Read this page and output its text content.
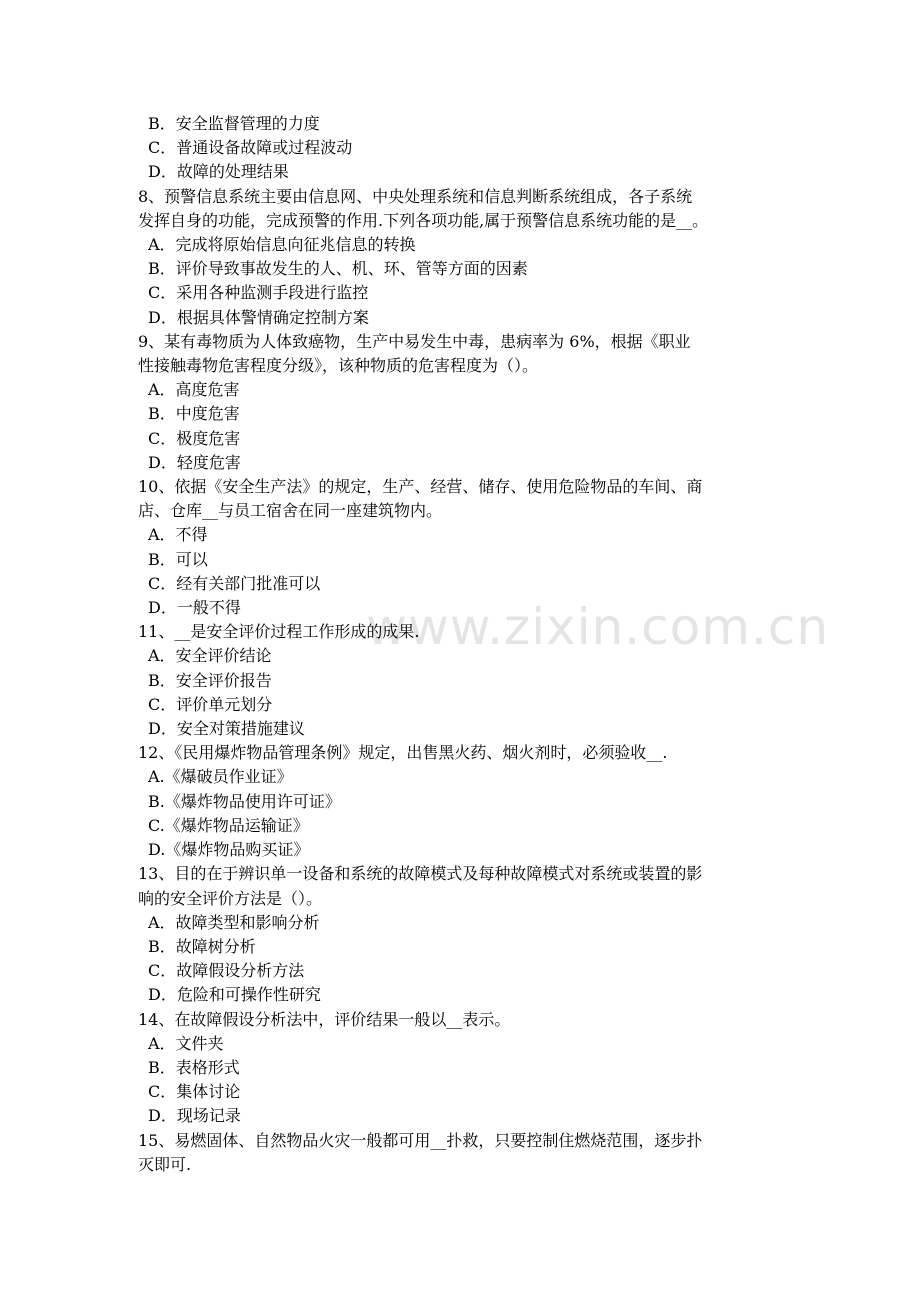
www.zixin.com.cn
B．安全监督管理的力度
C．普通设备故障或过程波动
D．故障的处理结果
8、预警信息系统主要由信息网、中央处理系统和信息判断系统组成，各子系统
发挥自身的功能，完成预警的作用.下列各项功能,属于预警信息系统功能的是__。
A．完成将原始信息向征兆信息的转换
B．评价导致事故发生的人、机、环、管等方面的因素
C．采用各种监测手段进行监控
D．根据具体警情确定控制方案
9、某有毒物质为人体致癌物，生产中易发生中毒，患病率为 6%，根据《职业
性接触毒物危害程度分级》，该种物质的危害程度为（）。
A．高度危害
B．中度危害
C．极度危害
D．轻度危害
10、依据《安全生产法》的规定，生产、经营、储存、使用危险物品的车间、商
店、仓库__与员工宿舍在同一座建筑物内。
A．不得
B．可以
C．经有关部门批准可以
D．一般不得
11、__是安全评价过程工作形成的成果.
A．安全评价结论
B．安全评价报告
C．评价单元划分
D．安全对策措施建议
12、《民用爆炸物品管理条例》规定，出售黑火药、烟火剂时，必须验收__.
A.《爆破员作业证》
B.《爆炸物品使用许可证》
C.《爆炸物品运输证》
D.《爆炸物品购买证》
13、目的在于辨识单一设备和系统的故障模式及每种故障模式对系统或装置的影
响的安全评价方法是（）。
A．故障类型和影响分析
B．故障树分析
C．故障假设分析方法
D．危险和可操作性研究
14、在故障假设分析法中，评价结果一般以__表示。
A．文件夹
B．表格形式
C．集体讨论
D．现场记录
15、易燃固体、自然物品火灾一般都可用__扑救，只要控制住燃烧范围，逐步扑
灭即可.
